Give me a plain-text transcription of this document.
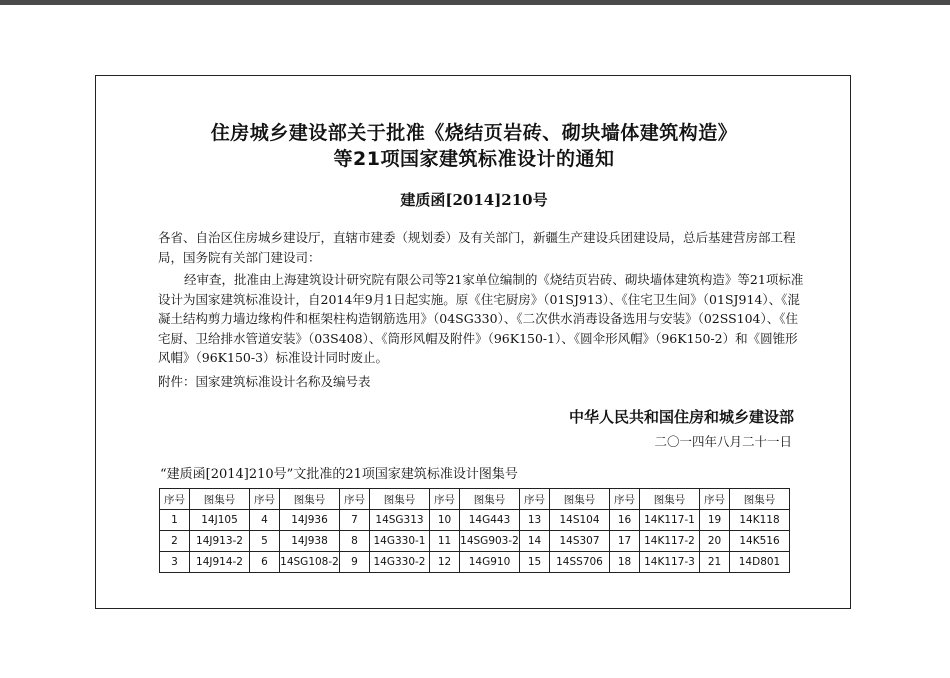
住房城乡建设部关于批准《烧结页岩砖、砌块墙体建筑构造》
等21项国家建筑标准设计的通知
建质函[2014]210号
各省、自治区住房城乡建设厅，直辖市建委（规划委）及有关部门，新疆生产建设兵团建设局，总后基建营房部工程局，国务院有关部门建设司：
经审查，批准由上海建筑设计研究院有限公司等21家单位编制的《烧结页岩砖、砌块墙体建筑构造》等21项标准设计为国家建筑标准设计，自2014年9月1日起实施。原《住宅厨房》（01SJ913）、《住宅卫生间》（01SJ914）、《混凝土结构剪力墙边缘构件和框架柱构造钢筋选用》（04SG330）、《二次供水消毒设备选用与安装》（02SS104）、《住宅厨、卫给排水管道安装》（03S408）、《筒形风帽及附件》（96K150-1）、《圆伞形风帽》（96K150-2）和《圆锥形风帽》（96K150-3）标准设计同时废止。
附件：国家建筑标准设计名称及编号表
中华人民共和国住房和城乡建设部
二〇一四年八月二十一日
“建质函[2014]210号”文批准的21项国家建筑标准设计图集号
序号	图集号	序号	图集号	序号	图集号	序号	图集号	序号	图集号	序号	图集号	序号	图集号
1	14J105	4	14J936	7	14SG313	10	14G443	13	14S104	16	14K117-1	19	14K118
2	14J913-2	5	14J938	8	14G330-1	11	14SG903-2	14	14S307	17	14K117-2	20	14K516
3	14J914-2	6	14SG108-2	9	14G330-2	12	14G910	15	14SS706	18	14K117-3	21	14D801
